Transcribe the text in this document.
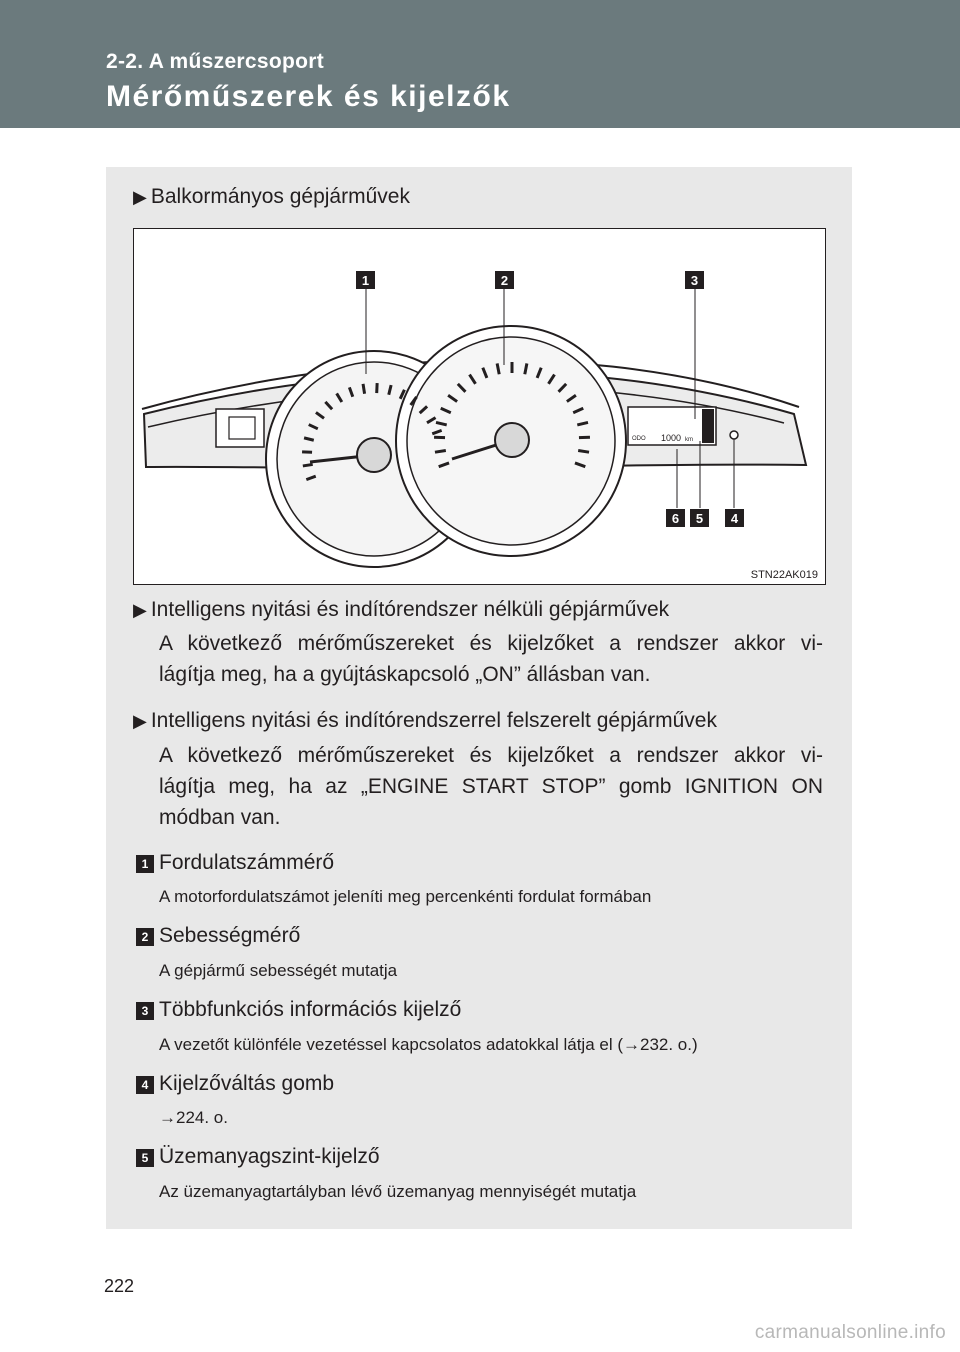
2-2. A műszercsoport
Mérőműszerek és kijelzők
▶ Balkormányos gépjárművek
ODO 1000 km
1	2	3
6 5 4
STN22AK019
▶ Intelligens nyitási és indítórendszer nélküli gépjárművek
A következő mérőműszereket és kijelzőket a rendszer akkor vi-
lágítja meg, ha a gyújtáskapcsoló „ON” állásban van.
▶ Intelligens nyitási és indítórendszerrel felszerelt gépjárművek
A következő mérőműszereket és kijelzőket a rendszer akkor vi-
lágítja meg, ha az „ENGINE START STOP” gomb IGNITION ON
módban van.
1 Fordulatszámmérő
A motorfordulatszámot jeleníti meg percenkénti fordulat formában
2 Sebességmérő
A gépjármű sebességét mutatja
3 Többfunkciós információs kijelző
A vezetőt különféle vezetéssel kapcsolatos adatokkal látja el (→232. o.)
4 Kijelzőváltás gomb
→224. o.
5 Üzemanyagszint-kijelző
Az üzemanyagtartályban lévő üzemanyag mennyiségét mutatja
222
carmanualsonline.info
